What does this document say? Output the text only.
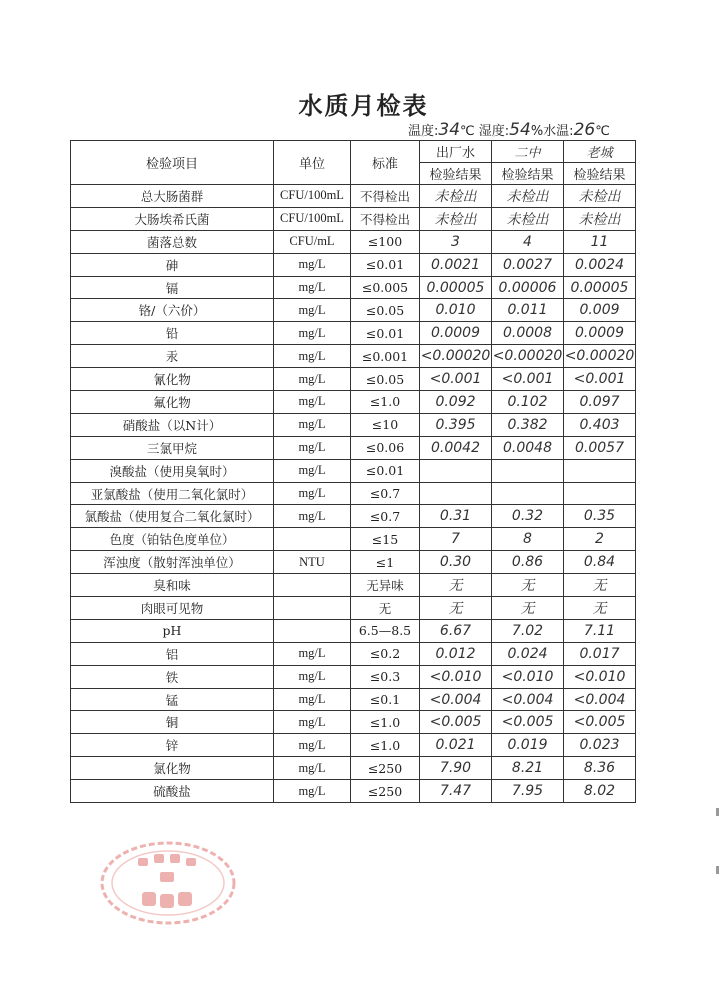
水质月检表
温度:34℃ 湿度:54%水温:26℃
检验项目	单位	标准	出厂水	二中	老城
			检验结果	检验结果	检验结果
总大肠菌群	CFU/100mL	不得检出	未检出	未检出	未检出
大肠埃希氏菌	CFU/100mL	不得检出	未检出	未检出	未检出
菌落总数	CFU/mL	≤100	3	4	11
砷	mg/L	≤0.01	0.0021	0.0027	0.0024
镉	mg/L	≤0.005	0.00005	0.00006	0.00005
铬/（六价）	mg/L	≤0.05	0.010	0.011	0.009
铅	mg/L	≤0.01	0.0009	0.0008	0.0009
汞	mg/L	≤0.001	<0.00020	<0.00020	<0.00020
氰化物	mg/L	≤0.05	<0.001	<0.001	<0.001
氟化物	mg/L	≤1.0	0.092	0.102	0.097
硝酸盐（以N计）	mg/L	≤10	0.395	0.382	0.403
三氯甲烷	mg/L	≤0.06	0.0042	0.0048	0.0057
溴酸盐（使用臭氧时）	mg/L	≤0.01			
亚氯酸盐（使用二氧化氯时）	mg/L	≤0.7			
氯酸盐（使用复合二氧化氯时）	mg/L	≤0.7	0.31	0.32	0.35
色度（铂钴色度单位）		≤15	7	8	2
浑浊度（散射浑浊单位）	NTU	≤1	0.30	0.86	0.84
臭和味		无异味	无	无	无
肉眼可见物		无	无	无	无
pH		6.5—8.5	6.67	7.02	7.11
铝	mg/L	≤0.2	0.012	0.024	0.017
铁	mg/L	≤0.3	<0.010	<0.010	<0.010
锰	mg/L	≤0.1	<0.004	<0.004	<0.004
铜	mg/L	≤1.0	<0.005	<0.005	<0.005
锌	mg/L	≤1.0	0.021	0.019	0.023
氯化物	mg/L	≤250	7.90	8.21	8.36
硫酸盐	mg/L	≤250	7.47	7.95	8.02
